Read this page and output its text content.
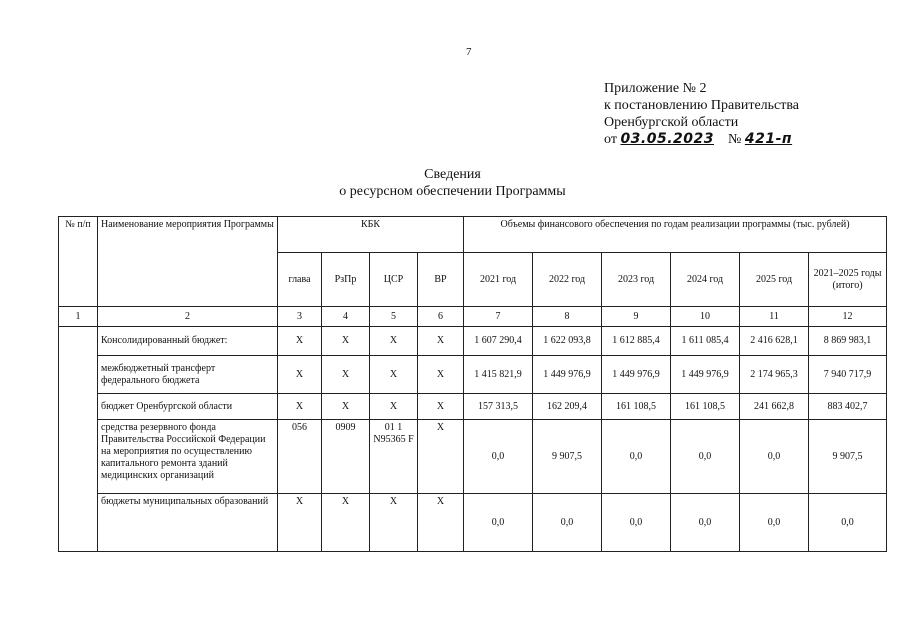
7
Приложение № 2
к постановлению Правительства
Оренбургской области
от 03.05.2023 № 421-п
Сведения
о ресурсном обеспечении Программы
№ п/п	Наименование мероприятия Программы	КБК				Объемы финансового обеспечения по годам реализации программы (тыс. рублей)					
		глава	РзПр	ЦСР	ВР	2021 год	2022 год	2023 год	2024 год	2025 год	2021–2025 годы (итого)
1	2	3	4	5	6	7	8	9	10	11	12
	Консолидированный бюджет:	Х	Х	Х	Х	1 607 290,4	1 622 093,8	1 612 885,4	1 611 085,4	2 416 628,1	8 869 983,1
	межбюджетный трансферт федерального бюджета	Х	Х	Х	Х	1 415 821,9	1 449 976,9	1 449 976,9	1 449 976,9	2 174 965,3	7 940 717,9
	бюджет Оренбургской области	Х	Х	Х	Х	157 313,5	162 209,4	161 108,5	161 108,5	241 662,8	883 402,7
	средства резервного фонда Правительства Российской Федерации на мероприятия по осуществлению капитального ремонта зданий медицинских организаций	056	0909	01 1 N95365 F	Х	0,0	9 907,5	0,0	0,0	0,0	9 907,5
	бюджеты муниципальных образований	Х	Х	Х	Х	0,0	0,0	0,0	0,0	0,0	0,0
